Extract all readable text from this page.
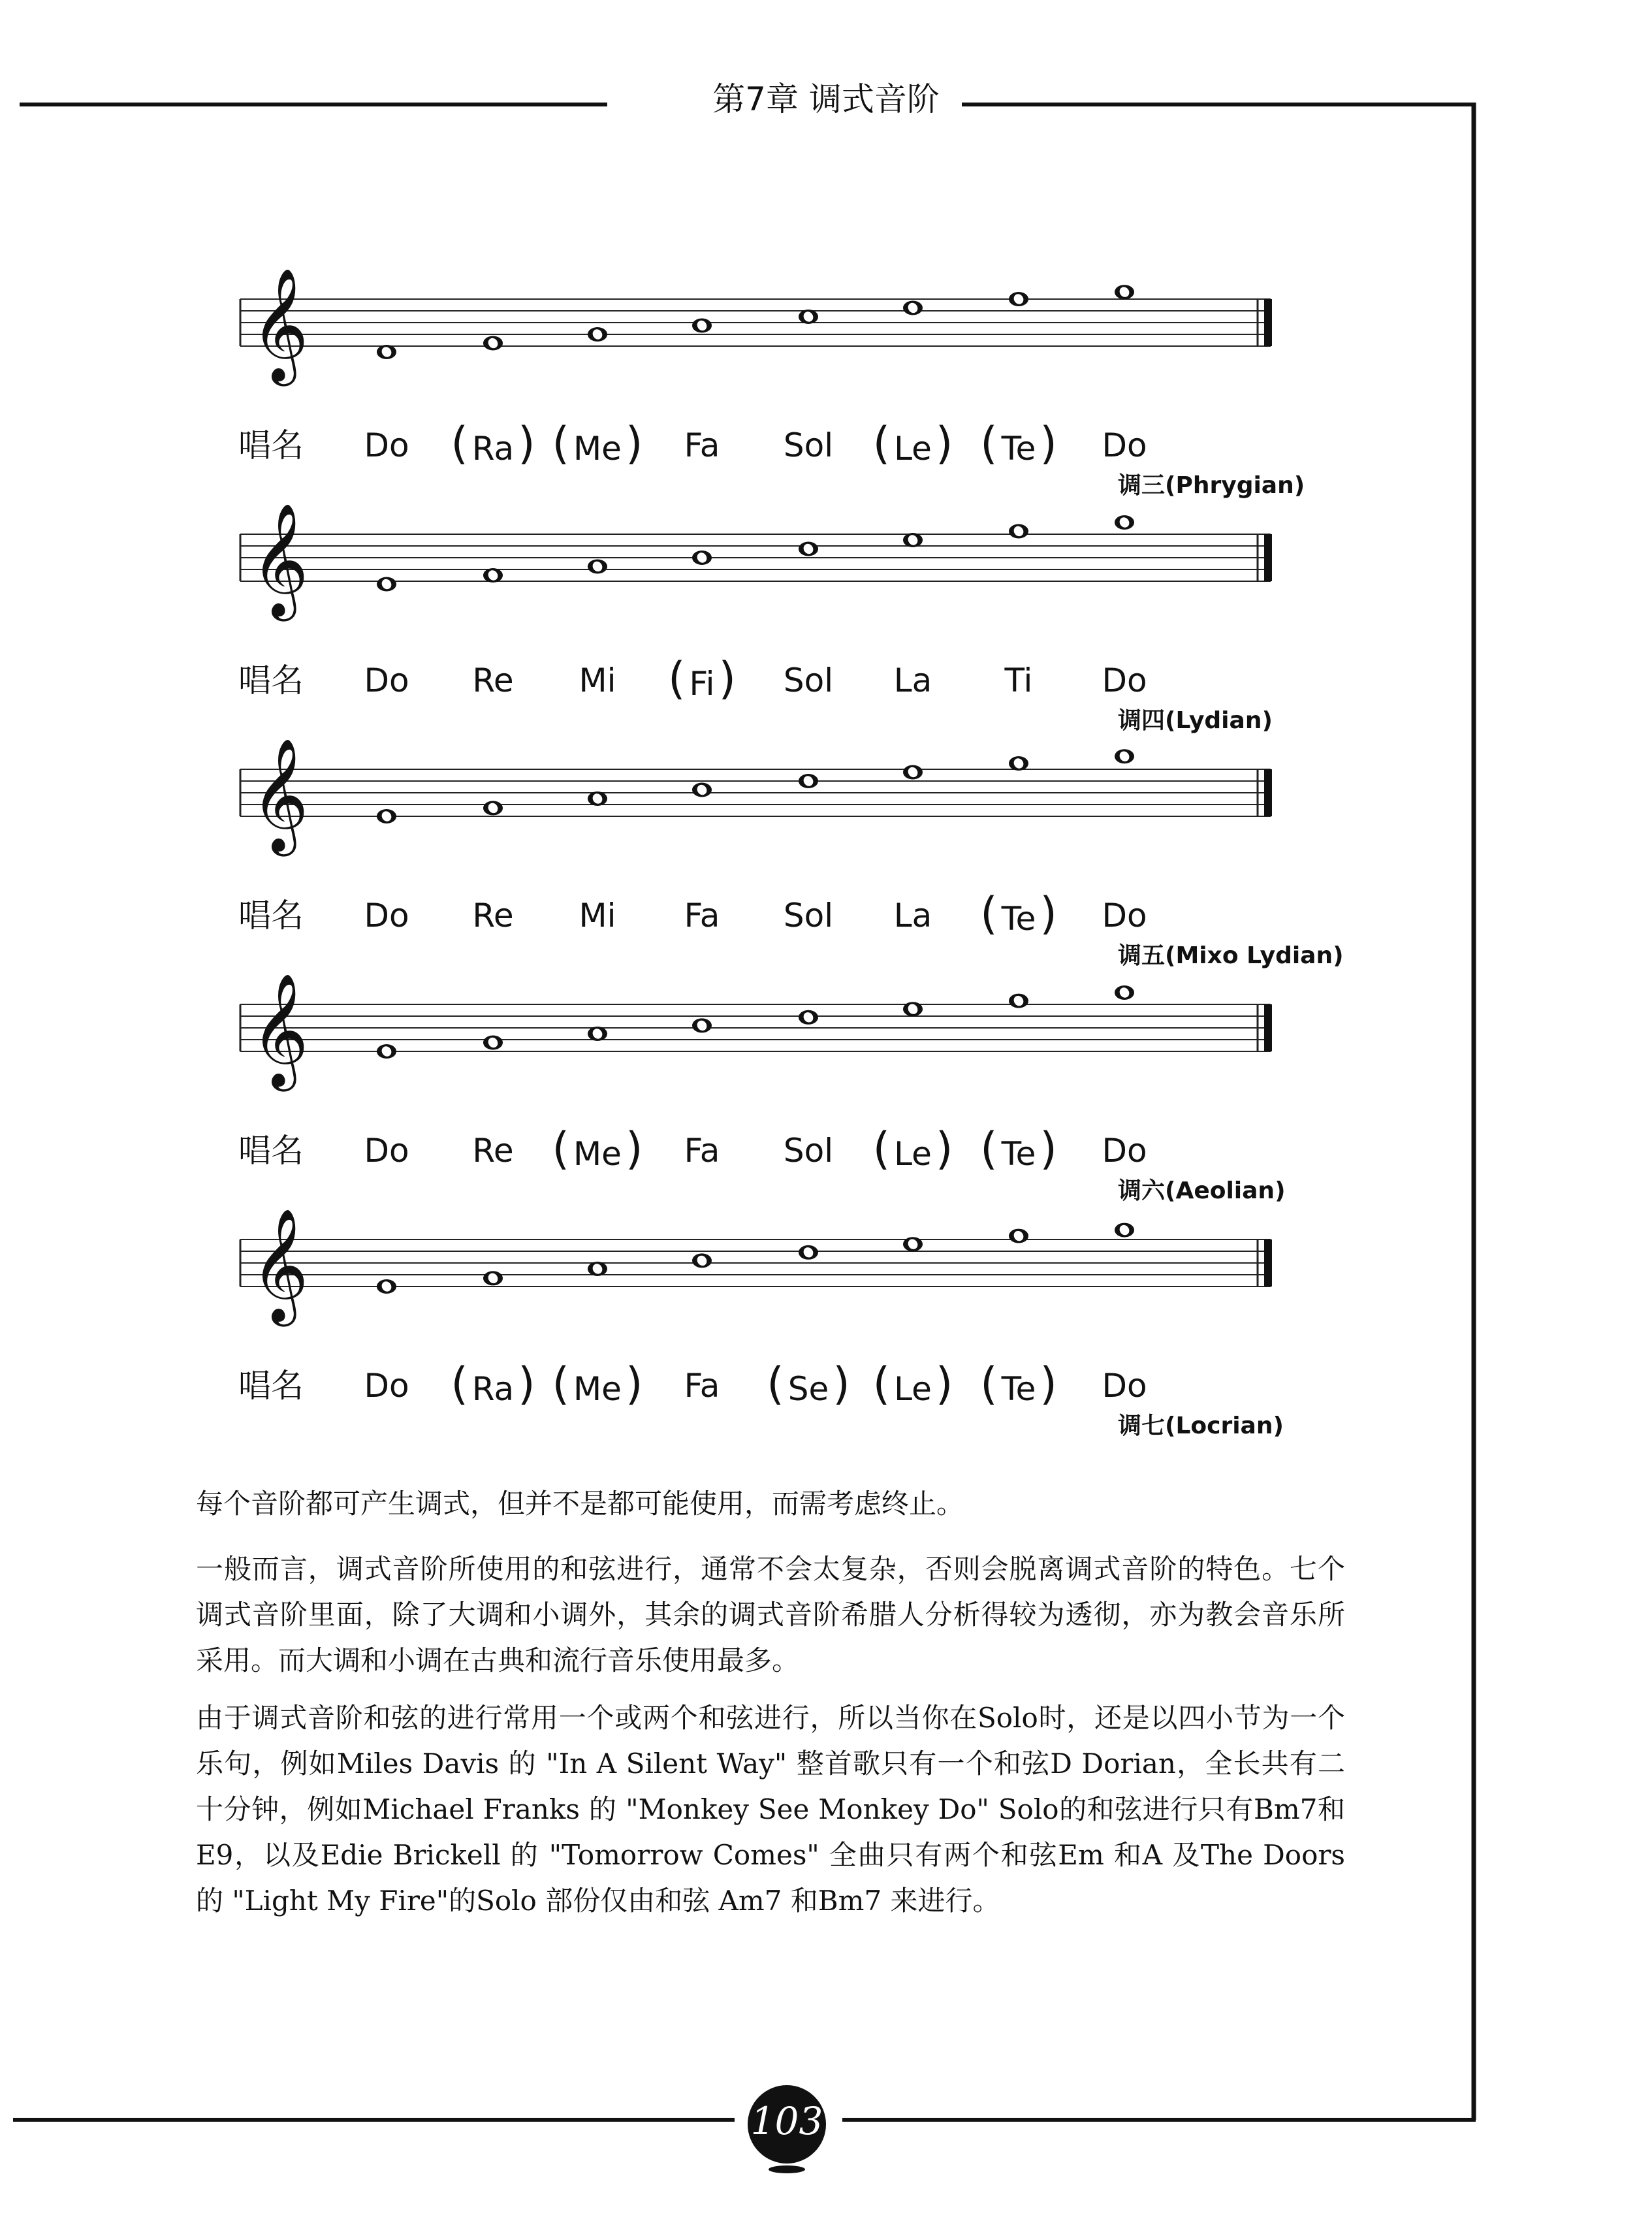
第7章 调式音阶
𝄞
𝄞
𝄞
𝄞
𝄞
唱名
唱名
唱名
唱名
唱名
调三(Phrygian)
调四(Lydian)
调五(Mixo Lydian)
调六(Aeolian)
调七(Locrian)
Do ( Ra) ( Me) Fa Sol ( Le) ( Te) Do
Do Re Mi ( Fi) Sol La Ti Do
Do Re Mi Fa Sol La ( Te) Do
Do Re ( Me) Fa Sol ( Le) ( Te) Do
Do ( Ra) ( Me) Fa ( Se) ( Le) ( Te) Do

每个音阶都可产生调式，但并不是都可能使用，而需考虑终止。

一般而言，调式音阶所使用的和弦进行，通常不会太复杂，否则会脱离调式音阶的特色。七个调式音阶里面，除了大调和小调外，其余的调式音阶希腊人分析得较为透彻，亦为教会音乐所采用。而大调和小调在古典和流行音乐使用最多。

由于调式音阶和弦的进行常用一个或两个和弦进行，所以当你在Solo时，还是以四小节为一个乐句，例如Miles Davis 的 "In A Silent Way" 整首歌只有一个和弦D Dorian，全长共有二十分钟，例如Michael Franks 的 "Monkey See Monkey Do" Solo的和弦进行只有Bm7和E9，以及Edie Brickell 的 "Tomorrow Comes" 全曲只有两个和弦Em 和A 及The Doors 的 "Light My Fire"的Solo 部份仅由和弦 Am7 和Bm7 来进行。

103
